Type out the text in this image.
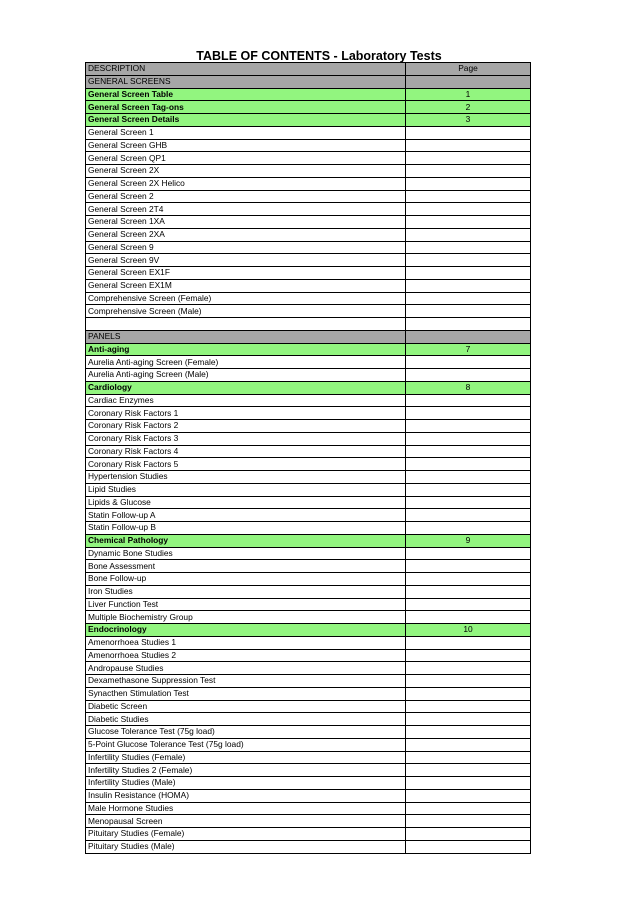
TABLE OF CONTENTS - Laboratory Tests
DESCRIPTION	Page
GENERAL SCREENS	
General Screen Table	1
General Screen Tag-ons	2
General Screen Details	3
General Screen 1	
General Screen GHB	
General Screen QP1	
General Screen 2X	
General Screen 2X Helico	
General Screen 2	
General Screen 2T4	
General Screen 1XA	
General Screen 2XA	
General Screen 9	
General Screen 9V	
General Screen EX1F	
General Screen EX1M	
Comprehensive Screen (Female)	
Comprehensive Screen (Male)	

PANELS	
Anti-aging	7
Aurelia Anti-aging Screen (Female)	
Aurelia Anti-aging Screen (Male)	
Cardiology	8
Cardiac Enzymes	
Coronary Risk Factors 1	
Coronary Risk Factors 2	
Coronary Risk Factors 3	
Coronary Risk Factors 4	
Coronary Risk Factors 5	
Hypertension Studies	
Lipid Studies	
Lipids & Glucose	
Statin Follow-up A	
Statin Follow-up B	
Chemical Pathology	9
Dynamic Bone Studies	
Bone Assessment	
Bone Follow-up	
Iron Studies	
Liver Function Test	
Multiple Biochemistry Group	
Endocrinology	10
Amenorrhoea Studies 1	
Amenorrhoea Studies 2	
Andropause Studies	
Dexamethasone Suppression Test	
Synacthen Stimulation Test	
Diabetic Screen	
Diabetic Studies	
Glucose Tolerance Test (75g load)	
5-Point Glucose Tolerance Test (75g load)	
Infertility Studies (Female)	
Infertility Studies 2 (Female)	
Infertility Studies (Male)	
Insulin Resistance (HOMA)	
Male Hormone Studies	
Menopausal Screen	
Pituitary Studies (Female)	
Pituitary Studies (Male)	
